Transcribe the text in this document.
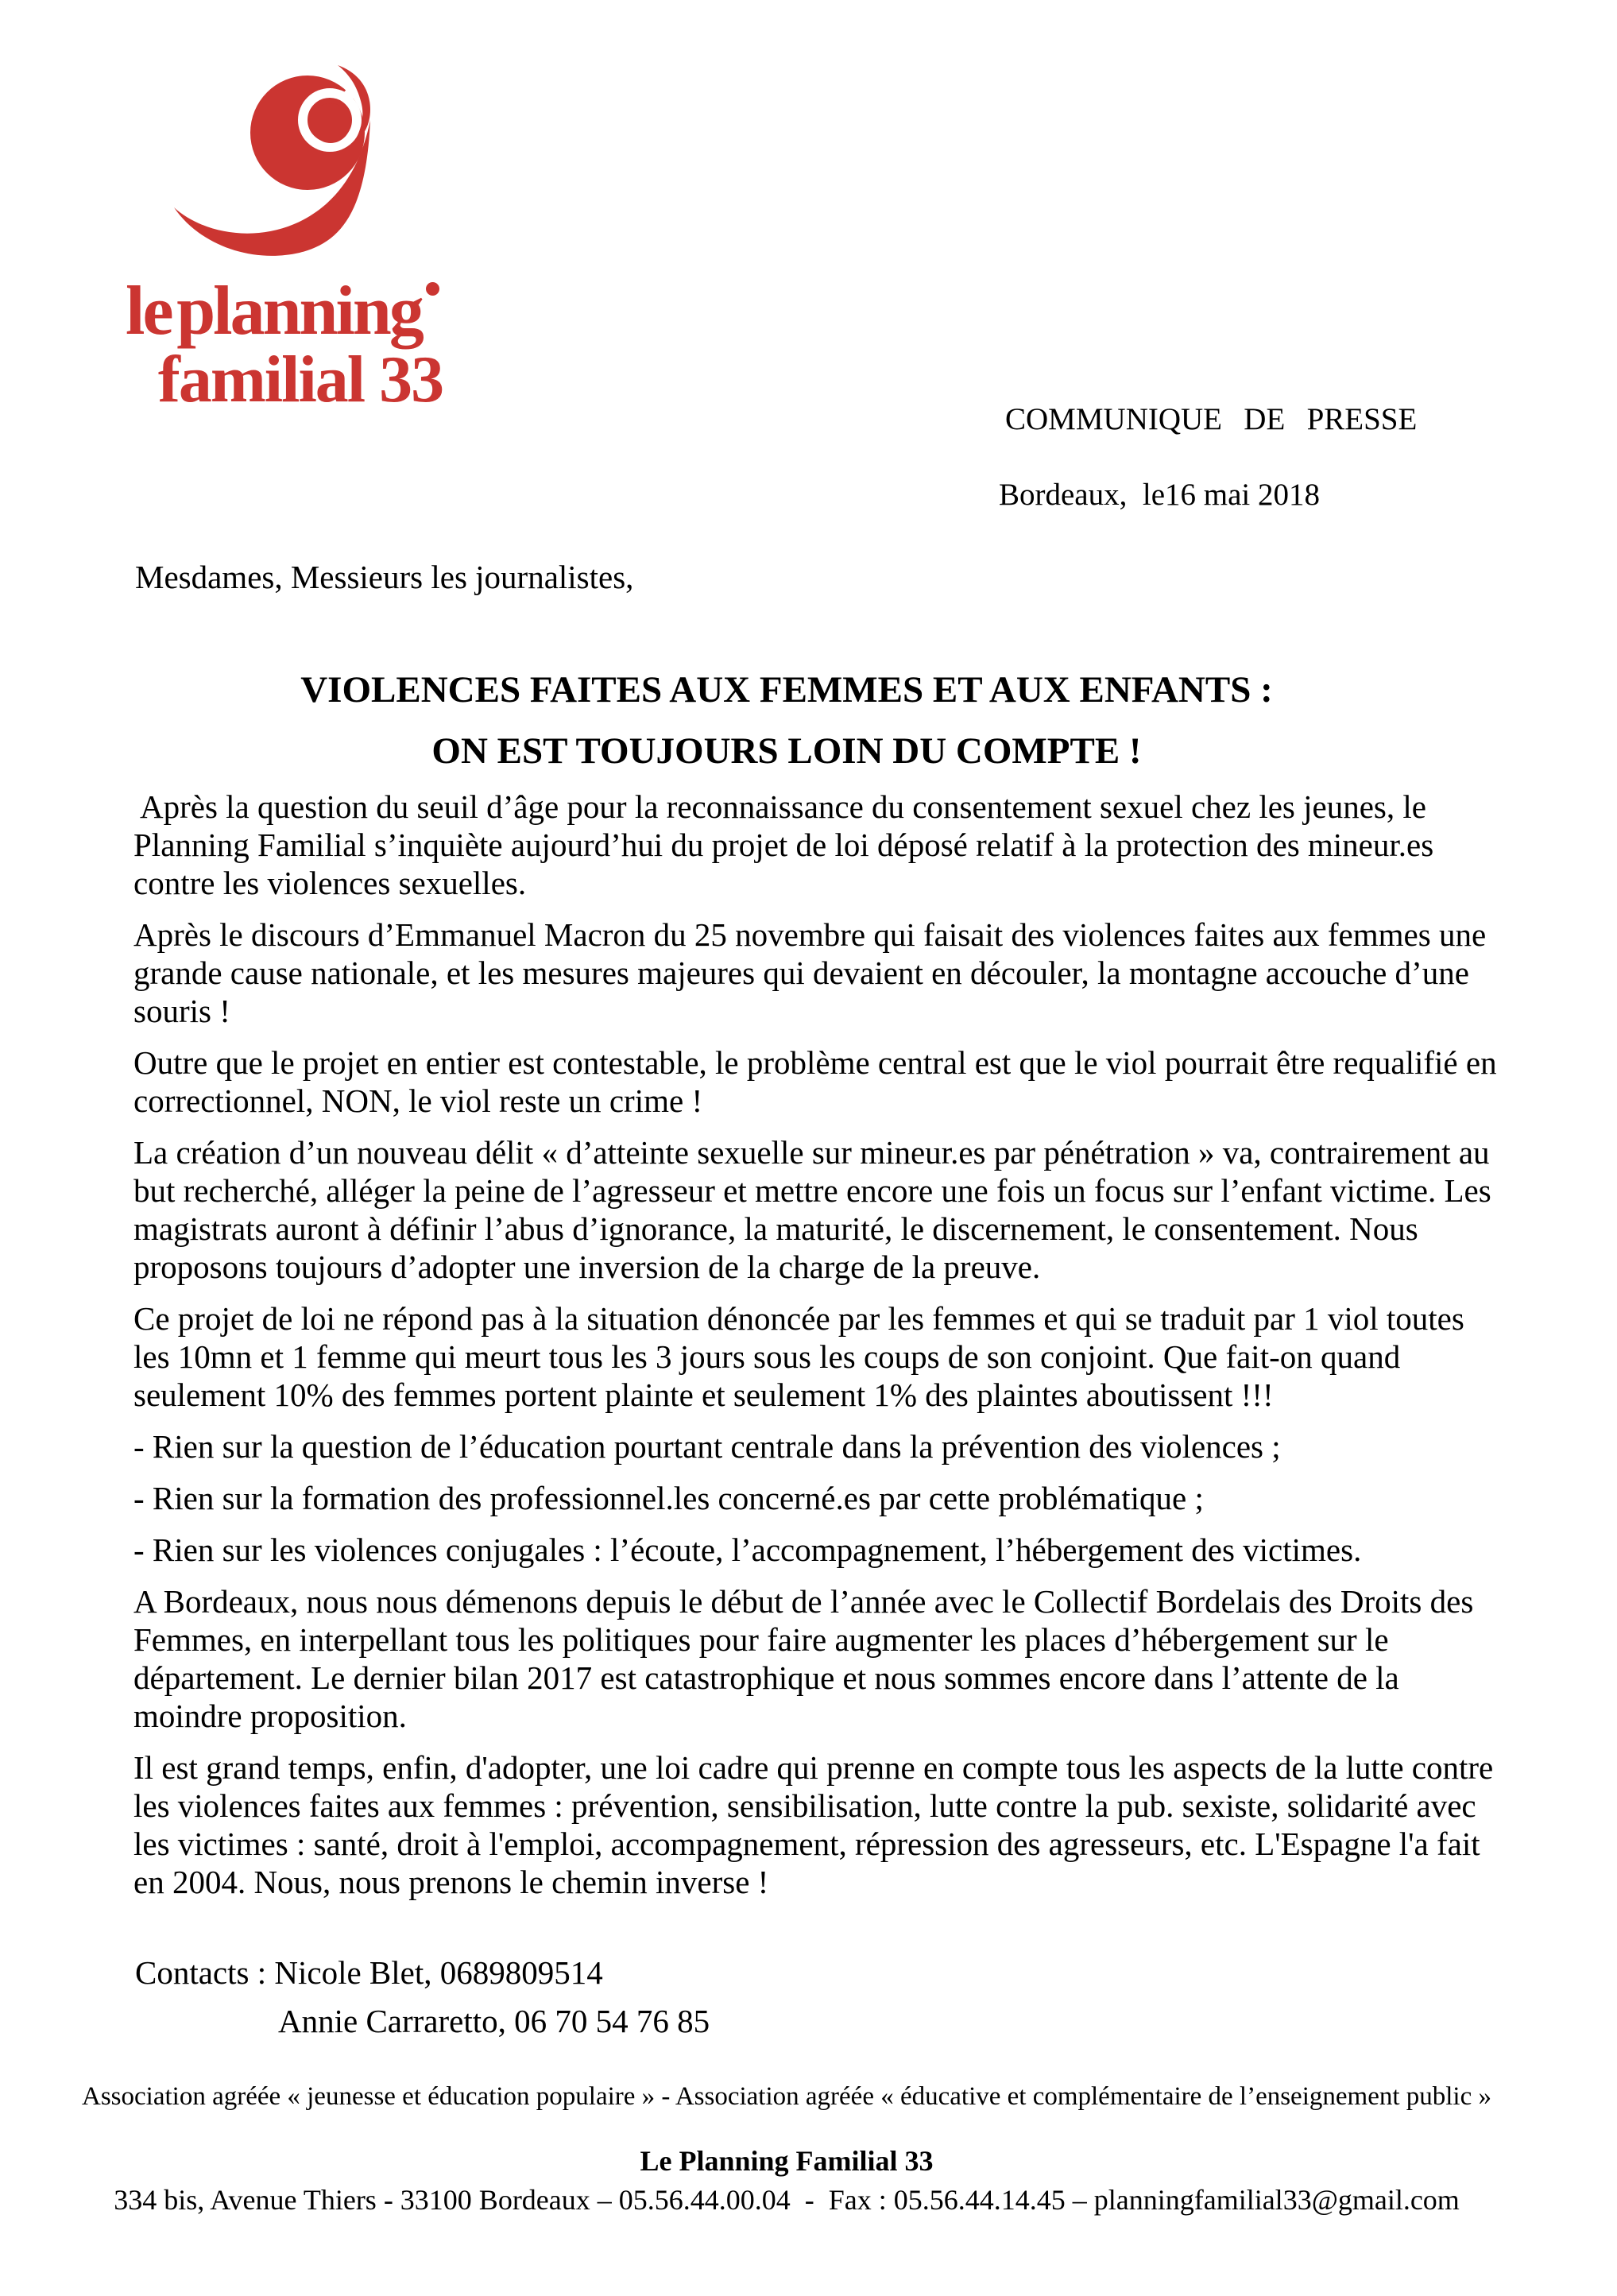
le planning
familial 33
COMMUNIQUE DE PRESSE
Bordeaux,  le16 mai 2018
Mesdames, Messieurs les journalistes,
VIOLENCES FAITES AUX FEMMES ET AUX ENFANTS :
ON EST TOUJOURS LOIN DU COMPTE !

Après la question du seuil d’âge pour la reconnaissance du consentement sexuel chez les jeunes, le Planning Familial s’inquiète aujourd’hui du projet de loi déposé relatif à la protection des mineur.es contre les violences sexuelles.

Après le discours d’Emmanuel Macron du 25 novembre qui faisait des violences faites aux femmes une grande cause nationale, et les mesures majeures qui devaient en découler, la montagne accouche d’une souris !

Outre que le projet en entier est contestable, le problème central est que le viol pourrait être requalifié en correctionnel, NON, le viol reste un crime !

La création d’un nouveau délit « d’atteinte sexuelle sur mineur.es par pénétration » va, contrairement au but recherché, alléger la peine de l’agresseur et mettre encore une fois un focus sur l’enfant victime. Les magistrats auront à définir l’abus d’ignorance, la maturité, le discernement, le consentement. Nous proposons toujours d’adopter une inversion de la charge de la preuve.

Ce projet de loi ne répond pas à la situation dénoncée par les femmes et qui se traduit par 1 viol toutes les 10mn et 1 femme qui meurt tous les 3 jours sous les coups de son conjoint. Que fait-on quand seulement 10% des femmes portent plainte et seulement 1% des plaintes aboutissent !!!

- Rien sur la question de l’éducation pourtant centrale dans la prévention des violences ;

- Rien sur la formation des professionnel.les concerné.es par cette problématique ;

- Rien sur les violences conjugales : l’écoute, l’accompagnement, l’hébergement des victimes.

A Bordeaux, nous nous démenons depuis le début de l’année avec le Collectif Bordelais des Droits des Femmes, en interpellant tous les politiques pour faire augmenter les places d’hébergement sur le département. Le dernier bilan 2017 est catastrophique et nous sommes encore dans l’attente de la moindre proposition.

Il est grand temps, enfin, d'adopter, une loi cadre qui prenne en compte tous les aspects de la lutte contre les violences faites aux femmes : prévention, sensibilisation, lutte contre la pub. sexiste, solidarité avec les victimes : santé, droit à l'emploi, accompagnement, répression des agresseurs, etc. L'Espagne l'a fait en 2004. Nous, nous prenons le chemin inverse !

Contacts : Nicole Blet, 0689809514
Annie Carraretto, 06 70 54 76 85
Association agréée « jeunesse et éducation populaire » - Association agréée « éducative et complémentaire de l’enseignement public »
Le Planning Familial 33
334 bis, Avenue Thiers - 33100 Bordeaux – 05.56.44.00.04  -  Fax : 05.56.44.14.45 – planningfamilial33@gmail.com
